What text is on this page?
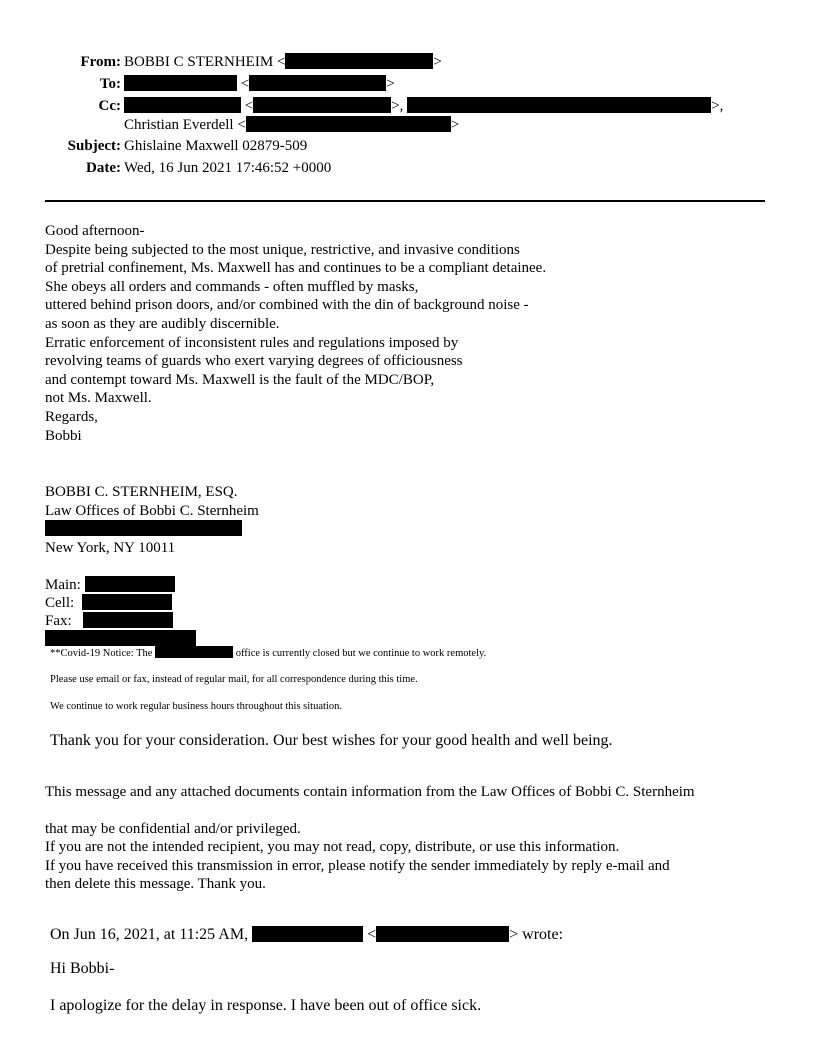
From: BOBBI C STERNHEIM <	>
To:	<	>
Cc:	<	>,	>,
Christian Everdell <	>
Subject: Ghislaine Maxwell 02879-509
Date: Wed, 16 Jun 2021 17:46:52 +0000
Good afternoon-
Despite being subjected to the most unique, restrictive, and invasive conditions
of pretrial confinement, Ms. Maxwell has and continues to be a compliant detainee.
She obeys all orders and commands - often muffled by masks,
uttered behind prison doors, and/or combined with the din of background noise -
as soon as they are audibly discernible.
Erratic enforcement of inconsistent rules and regulations imposed by
revolving teams of guards who exert varying degrees of officiousness
and contempt toward Ms. Maxwell is the fault of the MDC/BOP,
not Ms. Maxwell.
Regards,
Bobbi
BOBBI C. STERNHEIM, ESQ.
Law Offices of Bobbi C. Sternheim
New York, NY 10011
Main:
Cell:
Fax:
**Covid-19 Notice: The	office is currently closed but we continue to work remotely.
Please use email or fax, instead of regular mail, for all correspondence during this time.
We continue to work regular business hours throughout this situation.
Thank you for your consideration. Our best wishes for your good health and well being.
This message and any attached documents contain information from the Law Offices of Bobbi C. Sternheim
that may be confidential and/or privileged.
If you are not the intended recipient, you may not read, copy, distribute, or use this information.
If you have received this transmission in error, please notify the sender immediately by reply e-mail and
then delete this message. Thank you.
On Jun 16, 2021, at 11:25 AM,	<	> wrote:
Hi Bobbi-
I apologize for the delay in response. I have been out of office sick.
